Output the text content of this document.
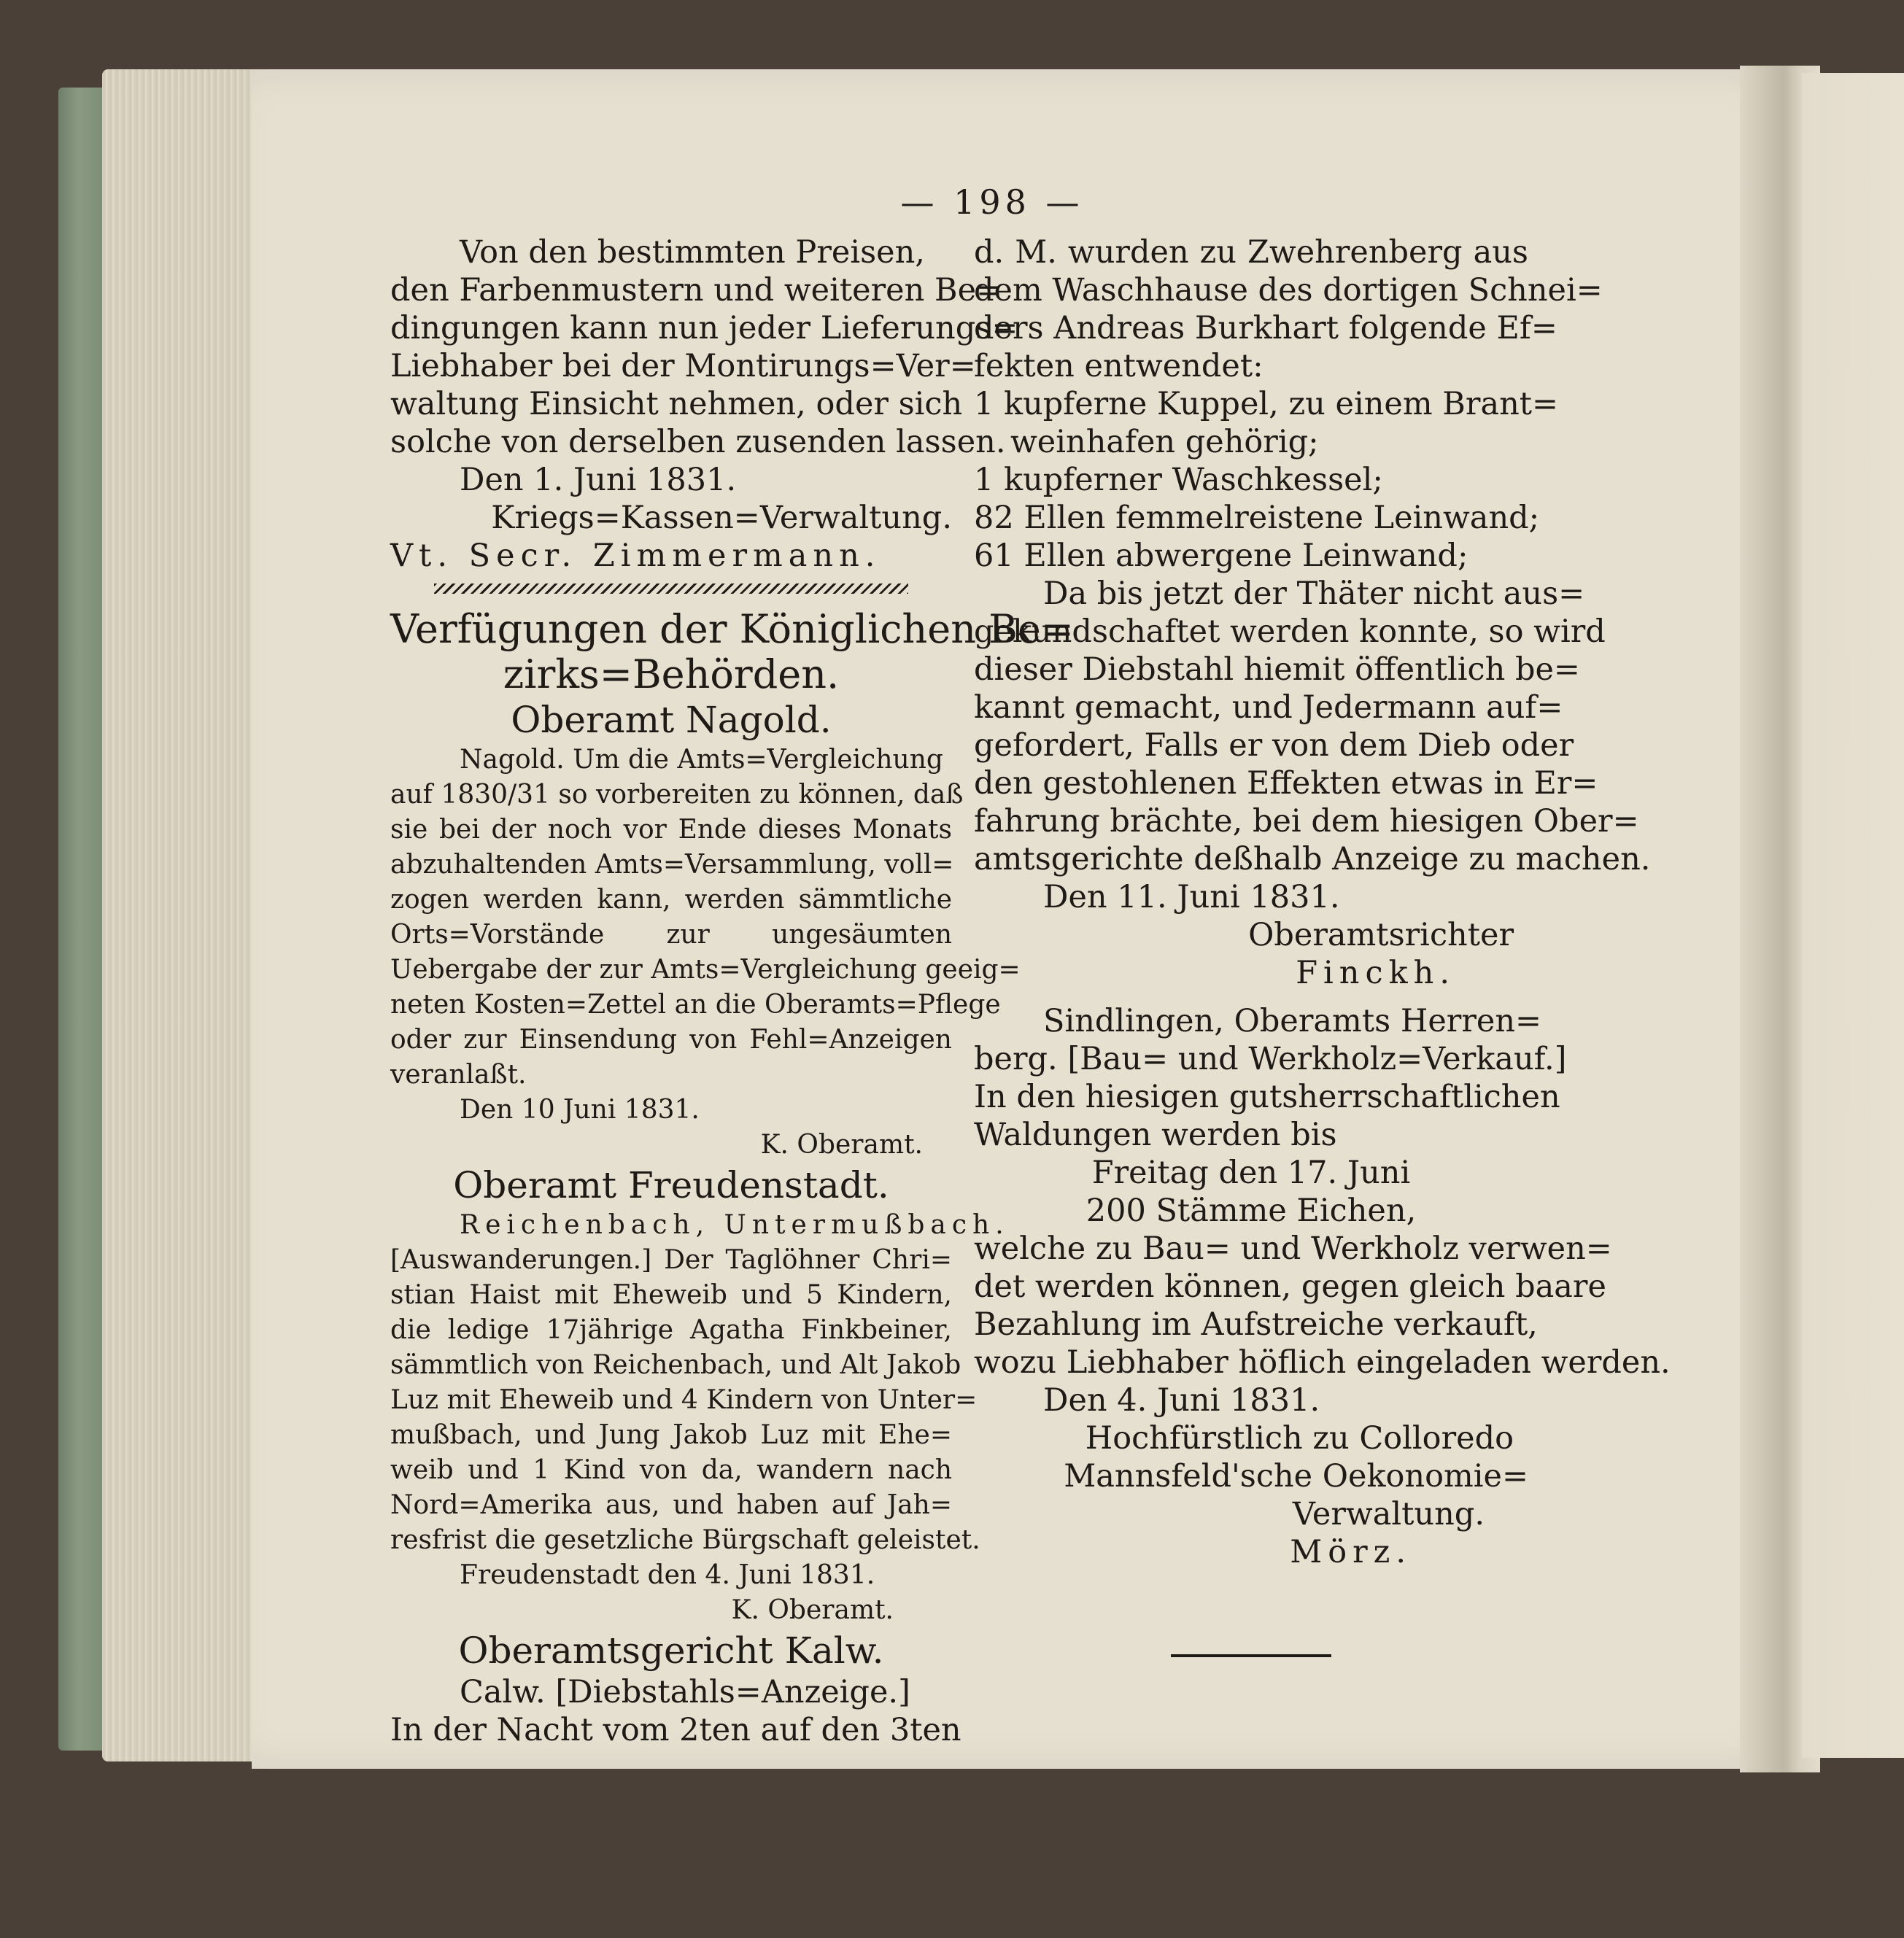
— 198 —
Von den bestimmten Preisen,
den Farbenmustern und weiteren Be=
dingungen kann nun jeder Lieferungs=
Liebhaber bei der Montirungs=Ver=
waltung Einsicht nehmen, oder sich
solche von derselben zusenden lassen.
Den 1. Juni 1831.
Kriegs=Kassen=Verwaltung.
Vt. Secr. Zimmermann.
Verfügungen der Königlichen Be=
zirks=Behörden.
Oberamt Nagold.
Nagold. Um die Amts=Vergleichung
auf 1830/31 so vorbereiten zu können, daß
sie bei der noch vor Ende dieses Monats
abzuhaltenden Amts=Versammlung, voll=
zogen werden kann, werden sämmtliche
Orts=Vorstände zur ungesäumten
Uebergabe der zur Amts=Vergleichung geeig=
neten Kosten=Zettel an die Oberamts=Pflege
oder zur Einsendung von Fehl=Anzeigen
veranlaßt.
Den 10 Juni 1831.
K. Oberamt.
Oberamt Freudenstadt.
Reichenbach, Untermußbach.
[Auswanderungen.] Der Taglöhner Chri=
stian Haist mit Eheweib und 5 Kindern,
die ledige 17jährige Agatha Finkbeiner,
sämmtlich von Reichenbach, und Alt Jakob
Luz mit Eheweib und 4 Kindern von Unter=
mußbach, und Jung Jakob Luz mit Ehe=
weib und 1 Kind von da, wandern nach
Nord=Amerika aus, und haben auf Jah=
resfrist die gesetzliche Bürgschaft geleistet.
Freudenstadt den 4. Juni 1831.
K. Oberamt.
Oberamtsgericht Kalw.
Calw. [Diebstahls=Anzeige.]
In der Nacht vom 2ten auf den 3ten
d. M. wurden zu Zwehrenberg aus
dem Waschhause des dortigen Schnei=
ders Andreas Burkhart folgende Ef=
fekten entwendet:
1 kupferne Kuppel, zu einem Brant=
weinhafen gehörig;
1 kupferner Waschkessel;
82 Ellen femmelreistene Leinwand;
61 Ellen abwergene Leinwand;
Da bis jetzt der Thäter nicht aus=
gekundschaftet werden konnte, so wird
dieser Diebstahl hiemit öffentlich be=
kannt gemacht, und Jedermann auf=
gefordert, Falls er von dem Dieb oder
den gestohlenen Effekten etwas in Er=
fahrung brächte, bei dem hiesigen Ober=
amtsgerichte deßhalb Anzeige zu machen.
Den 11. Juni 1831.
Oberamtsrichter
Finckh.
Sindlingen, Oberamts Herren=
berg. [Bau= und Werkholz=Verkauf.]
In den hiesigen gutsherrschaftlichen
Waldungen werden bis
Freitag den 17. Juni
200 Stämme Eichen,
welche zu Bau= und Werkholz verwen=
det werden können, gegen gleich baare
Bezahlung im Aufstreiche verkauft,
wozu Liebhaber höflich eingeladen werden.
Den 4. Juni 1831.
Hochfürstlich zu Colloredo
Mannsfeld'sche Oekonomie=
Verwaltung.
Mörz.
